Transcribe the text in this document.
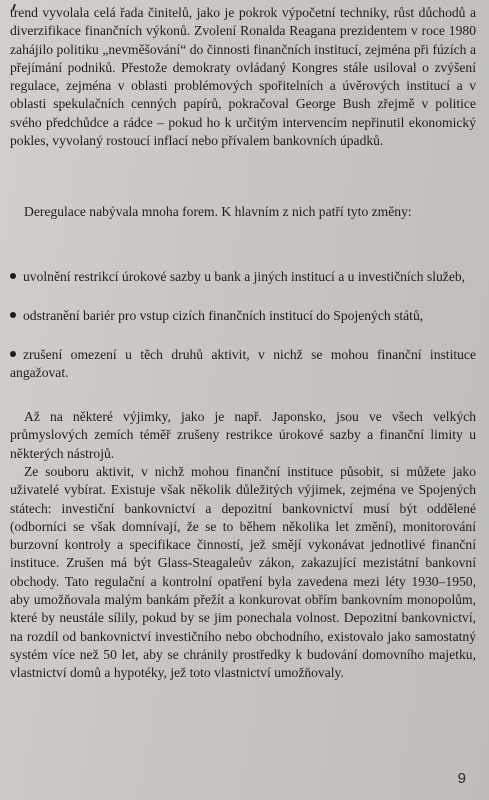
trend vyvolala celá řada činitelů, jako je pokrok výpočetní techniky, růst důchodů a diverzifikace finančních výkonů. Zvolení Ronalda Reagana prezidentem v roce 1980 zahájilo politiku „nevměšování“ do činnosti finančních institucí, zejména při fúzích a přejímání podniků. Přestože demokraty ovládaný Kongres stále usiloval o zvýšení regulace, zejména v oblasti problémových spořitelních a úvěrových institucí a v oblasti spekulačních cenných papírů, pokračoval George Bush zřejmě v politice svého předchůdce a rádce – pokud ho k určitým intervencím nepřinutil ekonomický pokles, vyvolaný rostoucí inflací nebo přívalem bankovních úpadků.

Deregulace nabývala mnoha forem. K hlavním z nich patří tyto změny:

uvolnění restrikcí úrokové sazby u bank a jiných institucí a u investičních služeb,
odstranění bariér pro vstup cizích finančních institucí do Spojených států,
zrušení omezení u těch druhů aktivit, v nichž se mohou finanční instituce angažovat.

Až na některé výjimky, jako je např. Japonsko, jsou ve všech velkých průmyslových zemích téměř zrušeny restrikce úrokové sazby a finanční limity u některých nástrojů.

Ze souboru aktivit, v nichž mohou finanční instituce působit, si můžete jako uživatelé vybírat. Existuje však několik důležitých výjimek, zejména ve Spojených státech: investiční bankovnictví a depozitní bankovnictví musí být oddělené (odborníci se však domnívají, že se to během několika let změní), monitorování burzovní kontroly a specifikace činností, jež smějí vykonávat jednotlivé finanční instituce. Zrušen má být Glass-Steagaleův zákon, zakazující mezistátní bankovní obchody. Tato regulační a kontrolní opatření byla zavedena mezi léty 1930–1950, aby umožňovala malým bankám přežít a konkurovat obřím bankovním monopolům, které by neustále sílily, pokud by se jim ponechala volnost. Depozitní bankovnictví, na rozdíl od bankovnictví investičního nebo obchodního, existovalo jako samostatný systém více než 50 let, aby se chránily prostředky k budování domovního majetku, vlastnictví domů a hypotéky, jež toto vlastnictví umožňovaly.

9
